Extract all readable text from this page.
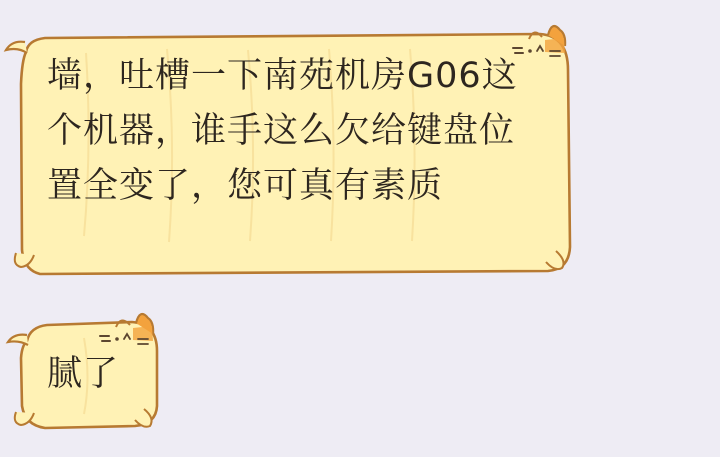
墙，吐槽一下南苑机房G06这个机器，谁手这么欠给键盘位置全变了，您可真有素质
腻了
